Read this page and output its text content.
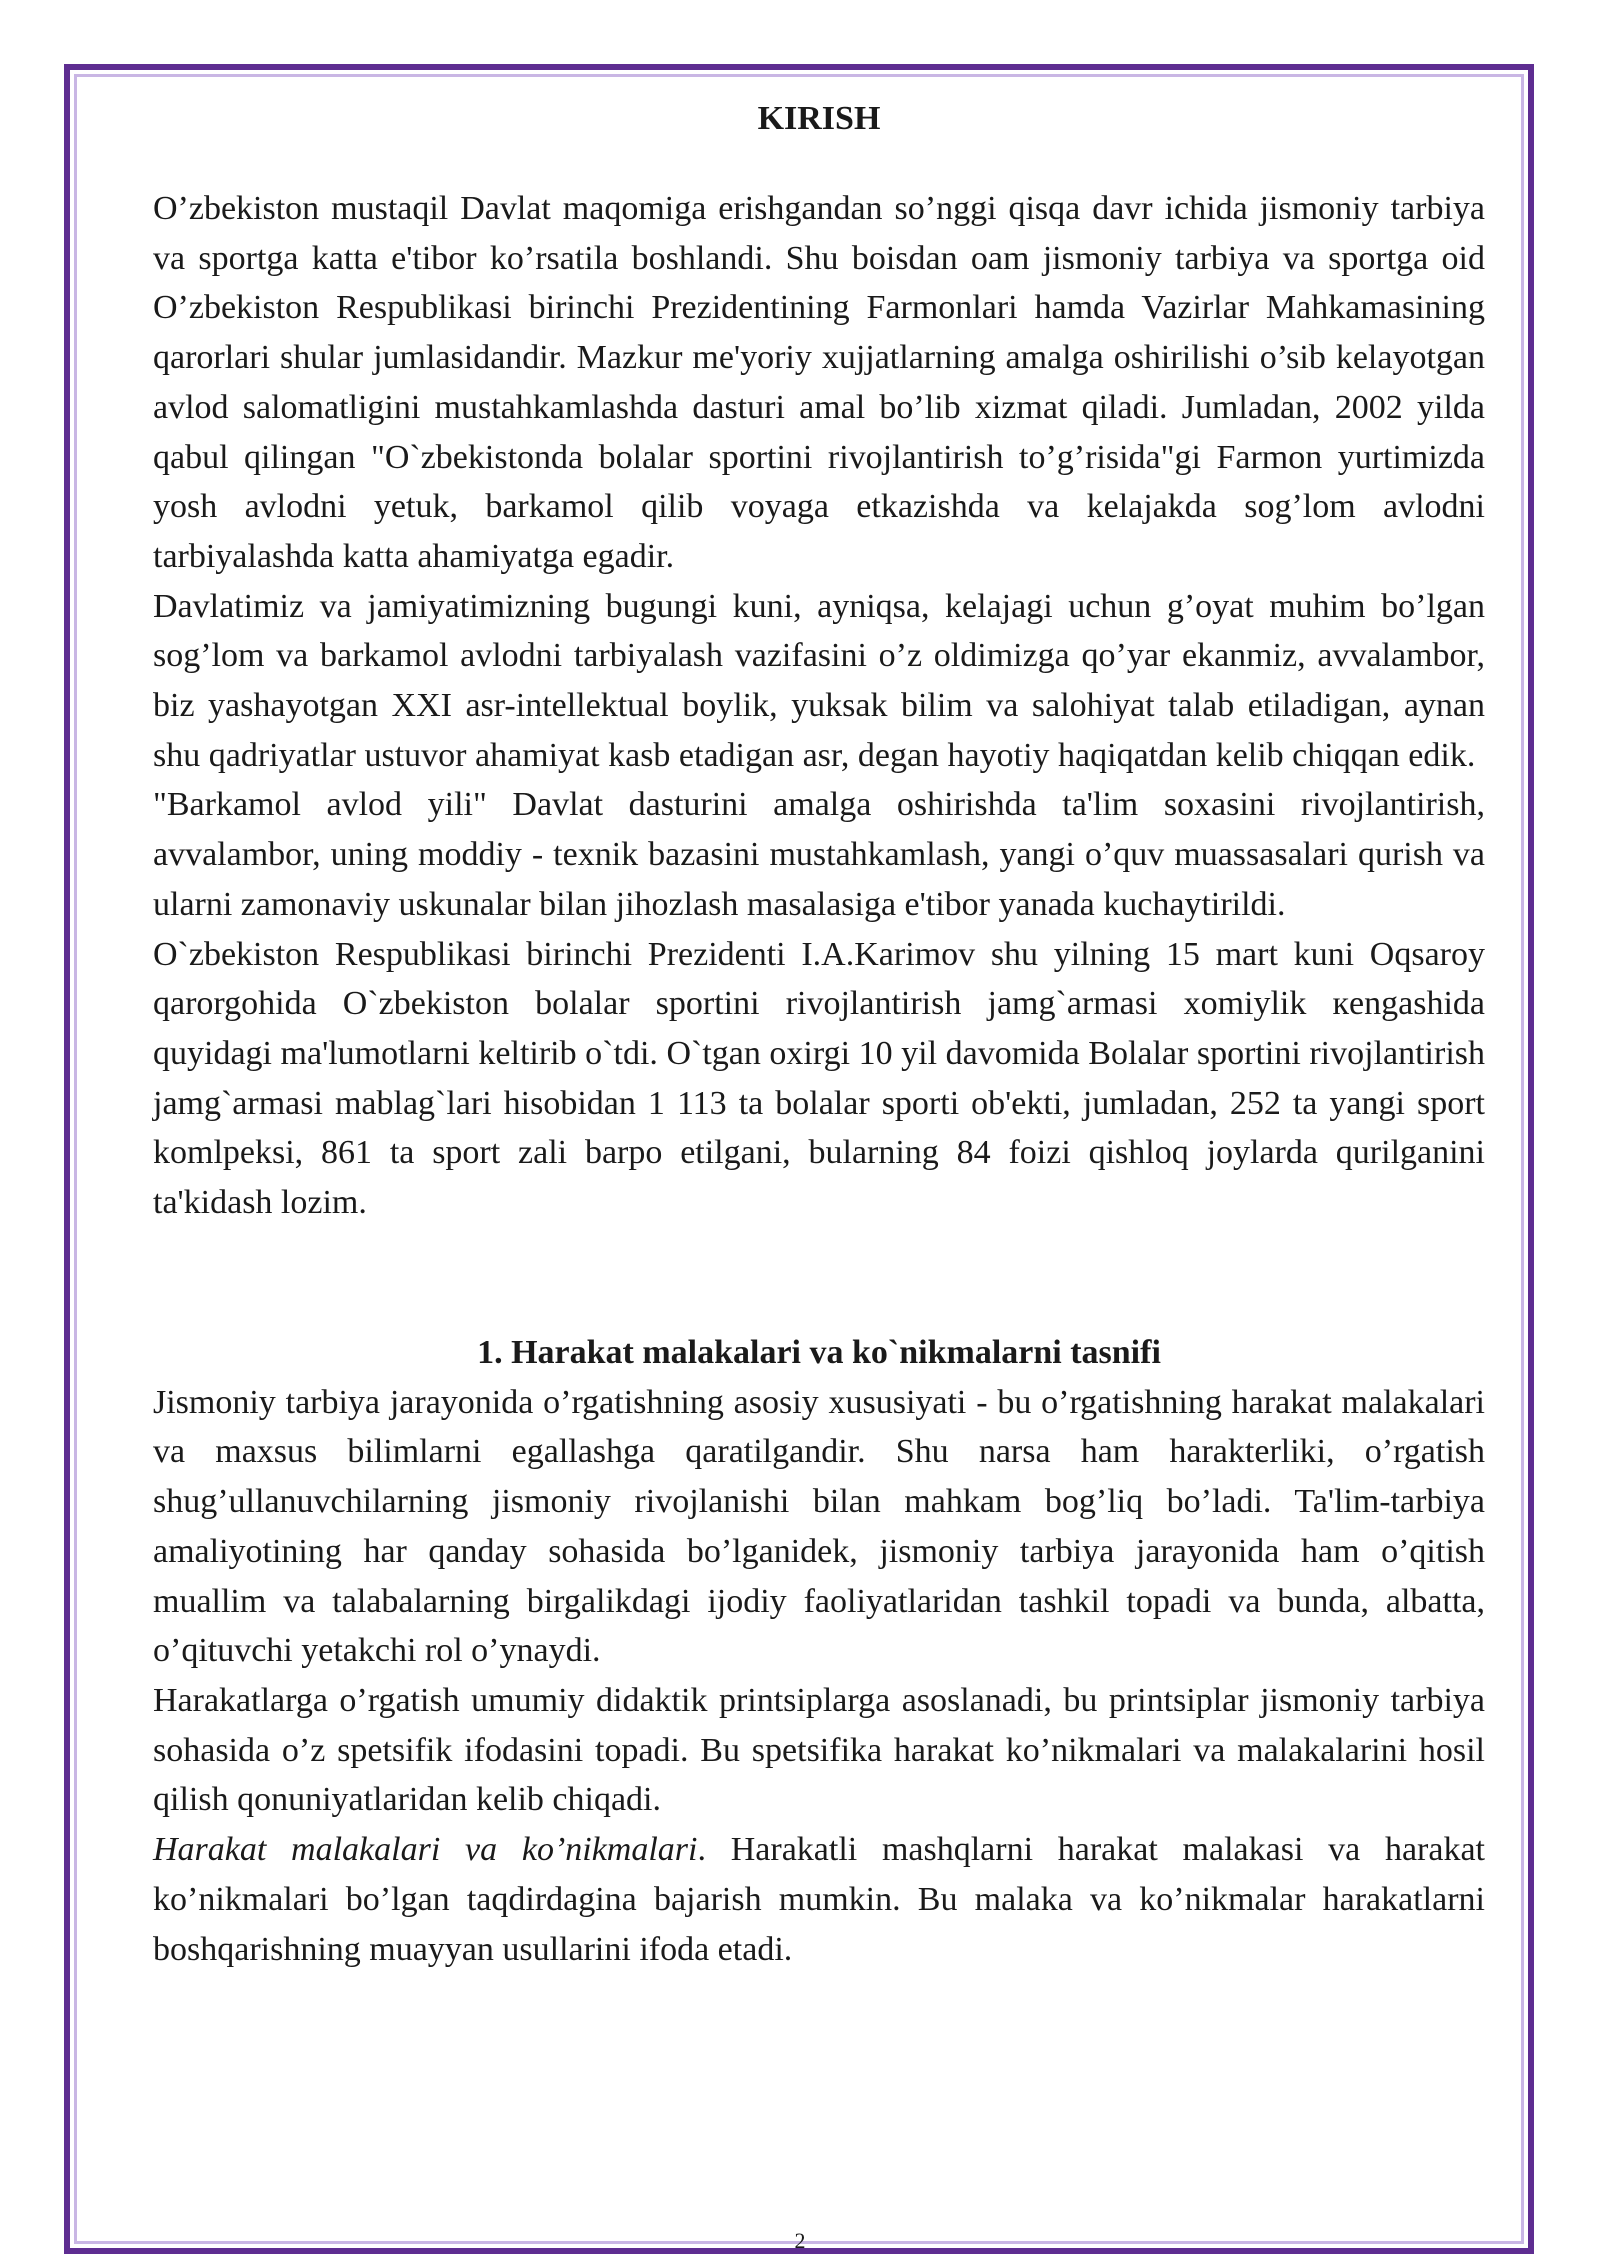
KIRISH

O’zbekiston mustaqil Davlat maqomiga erishgandan so’nggi qisqa davr ichida jismoniy tarbiya va sportga katta e'tibor ko’rsatila boshlandi. Shu boisdan oam jismoniy tarbiya va sportga oid O’zbekiston Respublikasi birinchi Prezidentining Farmonlari hamda Vazirlar Mahkamasining qarorlari shular jumlasidandir. Mazkur me'yoriy xujjatlarning amalga oshirilishi o’sib kelayotgan avlod salomatligini mustahkamlashda dasturi amal bo’lib xizmat qiladi. Jumladan, 2002 yilda qabul qilingan "O`zbekistonda bolalar sportini rivojlantirish to’g’risida"gi Farmon yurtimizda yosh avlodni yetuk, barkamol qilib voyaga etkazishda va kelajakda sog’lom avlodni tarbiyalashda katta ahamiyatga egadir.

Davlatimiz va jamiyatimizning bugungi kuni, ayniqsa, kelajagi uchun g’oyat muhim bo’lgan sog’lom va barkamol avlodni tarbiyalash vazifasini o’z oldimizga qo’yar ekanmiz, avvalambor, biz yashayotgan XXI asr-intellektual boylik, yuksak bilim va salohiyat talab etiladigan, aynan shu qadriyatlar ustuvor ahamiyat kasb etadigan asr, degan hayotiy haqiqatdan kelib chiqqan edik.

"Barkamol avlod yili" Davlat dasturini amalga oshirishda ta'lim soxasini rivojlantirish, avvalambor, uning moddiy - texnik bazasini mustahkamlash, yangi o’quv muassasalari qurish va ularni zamonaviy uskunalar bilan jihozlash masalasiga e'tibor yanada kuchaytirildi.

O`zbekiston Respublikasi birinchi Prezidenti I.A.Karimov shu yilning 15 mart kuni Oqsaroy qarorgohida O`zbekiston bolalar sportini rivojlantirish jamg`armasi xomiylik кengashida quyidagi ma'lumotlarni keltirib o`tdi. O`tgan oxirgi 10 yil davomida Bolalar sportini rivojlantirish jamg`armasi mablag`lari hisobidan 1 113 ta bolalar sporti ob'ekti, jumladan, 252 ta yangi sport komlpeksi, 861 ta sport zali barpo etilgani, bularning 84 foizi qishloq joylarda qurilganini ta'kidash lozim.

1. Harakat malakalari va ko`nikmalarni tasnifi

Jismoniy tarbiya jarayonida o’rgatishning asosiy xususiyati - bu o’rgatishning harakat malakalari va maxsus bilimlarni egallashga qaratilgandir. Shu narsa ham harakterliki, o’rgatish shug’ullanuvchilarning jismoniy rivojlanishi bilan mahkam bog’liq bo’ladi. Ta'lim-tarbiya amaliyotining har qanday sohasida bo’lganidek, jismoniy tarbiya jarayonida ham o’qitish muallim va talabalarning birgalikdagi ijodiy faoliyatlaridan tashkil topadi va bunda, albatta, o’qituvchi yetakchi rol o’ynaydi.

Harakatlarga o’rgatish umumiy didaktik printsiplarga asoslanadi, bu printsiplar jismoniy tarbiya sohasida o’z spetsifik ifodasini topadi. Bu spetsifika harakat ko’nikmalari va malakalarini hosil qilish qonuniyatlaridan kelib chiqadi.

Harakat malakalari va ko’nikmalari. Harakatli mashqlarni harakat malakasi va harakat ko’nikmalari bo’lgan taqdirdagina bajarish mumkin. Bu malaka va ko’nikmalar harakatlarni boshqarishning muayyan usullarini ifoda etadi.

2
